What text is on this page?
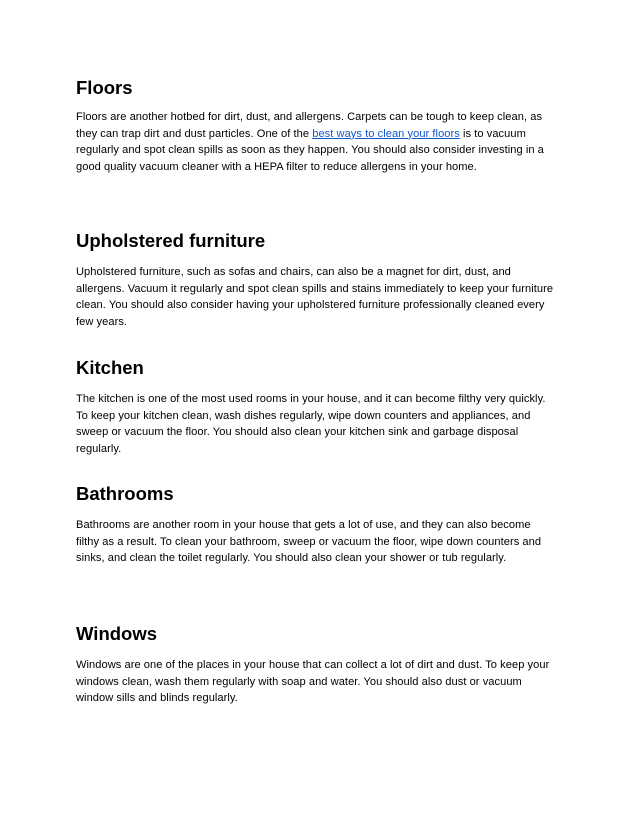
Floors

Floors are another hotbed for dirt, dust, and allergens. Carpets can be tough to keep clean, as
they can trap dirt and dust particles. One of the best ways to clean your floors is to vacuum
regularly and spot clean spills as soon as they happen. You should also consider investing in a
good quality vacuum cleaner with a HEPA filter to reduce allergens in your home.

Upholstered furniture

Upholstered furniture, such as sofas and chairs, can also be a magnet for dirt, dust, and
allergens. Vacuum it regularly and spot clean spills and stains immediately to keep your furniture
clean. You should also consider having your upholstered furniture professionally cleaned every
few years.

Kitchen

The kitchen is one of the most used rooms in your house, and it can become filthy very quickly.
To keep your kitchen clean, wash dishes regularly, wipe down counters and appliances, and
sweep or vacuum the floor. You should also clean your kitchen sink and garbage disposal
regularly.

Bathrooms

Bathrooms are another room in your house that gets a lot of use, and they can also become
filthy as a result. To clean your bathroom, sweep or vacuum the floor, wipe down counters and
sinks, and clean the toilet regularly. You should also clean your shower or tub regularly.

Windows

Windows are one of the places in your house that can collect a lot of dirt and dust. To keep your
windows clean, wash them regularly with soap and water. You should also dust or vacuum
window sills and blinds regularly.
